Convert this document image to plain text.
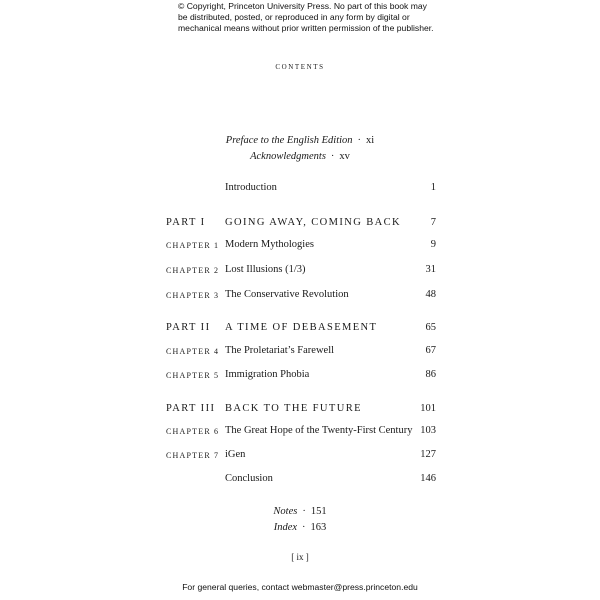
© Copyright, Princeton University Press. No part of this book may be distributed, posted, or reproduced in any form by digital or mechanical means without prior written permission of the publisher.
contents
Preface to the English Edition · xi
Acknowledgments · xv
Introduction	1
PART I GOING AWAY, COMING BACK	7
CHAPTER 1 Modern Mythologies	9
CHAPTER 2 Lost Illusions (1/3)	31
CHAPTER 3 The Conservative Revolution	48
PART II A TIME OF DEBASEMENT	65
CHAPTER 4 The Proletariat’s Farewell	67
CHAPTER 5 Immigration Phobia	86
PART III BACK TO THE FUTURE	101
CHAPTER 6 The Great Hope of the Twenty-First Century 103
CHAPTER 7 iGen	127
Conclusion	146
Notes · 151
Index · 163
[ ix ]
For general queries, contact webmaster@press.princeton.edu
